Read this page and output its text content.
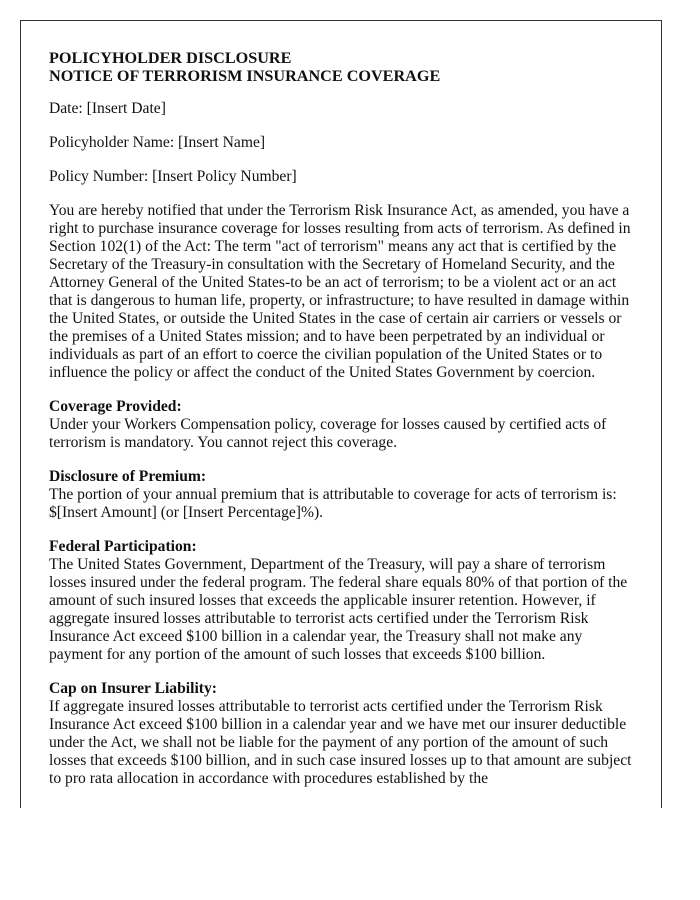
POLICYHOLDER DISCLOSURE
NOTICE OF TERRORISM INSURANCE COVERAGE
Date: [Insert Date]
Policyholder Name: [Insert Name]
Policy Number: [Insert Policy Number]
You are hereby notified that under the Terrorism Risk Insurance Act, as amended, you have a right to purchase insurance coverage for losses resulting from acts of terrorism. As defined in Section 102(1) of the Act: The term "act of terrorism" means any act that is certified by the Secretary of the Treasury-in consultation with the Secretary of Homeland Security, and the Attorney General of the United States-to be an act of terrorism; to be a violent act or an act that is dangerous to human life, property, or infrastructure; to have resulted in damage within the United States, or outside the United States in the case of certain air carriers or vessels or the premises of a United States mission; and to have been perpetrated by an individual or individuals as part of an effort to coerce the civilian population of the United States or to influence the policy or affect the conduct of the United States Government by coercion.
Coverage Provided:
Under your Workers Compensation policy, coverage for losses caused by certified acts of terrorism is mandatory. You cannot reject this coverage.
Disclosure of Premium:
The portion of your annual premium that is attributable to coverage for acts of terrorism is: $[Insert Amount] (or [Insert Percentage]%).
Federal Participation:
The United States Government, Department of the Treasury, will pay a share of terrorism losses insured under the federal program. The federal share equals 80% of that portion of the amount of such insured losses that exceeds the applicable insurer retention. However, if aggregate insured losses attributable to terrorist acts certified under the Terrorism Risk Insurance Act exceed $100 billion in a calendar year, the Treasury shall not make any payment for any portion of the amount of such losses that exceeds $100 billion.
Cap on Insurer Liability:
If aggregate insured losses attributable to terrorist acts certified under the Terrorism Risk Insurance Act exceed $100 billion in a calendar year and we have met our insurer deductible under the Act, we shall not be liable for the payment of any portion of the amount of such losses that exceeds $100 billion, and in such case insured losses up to that amount are subject to pro rata allocation in accordance with procedures established by the
